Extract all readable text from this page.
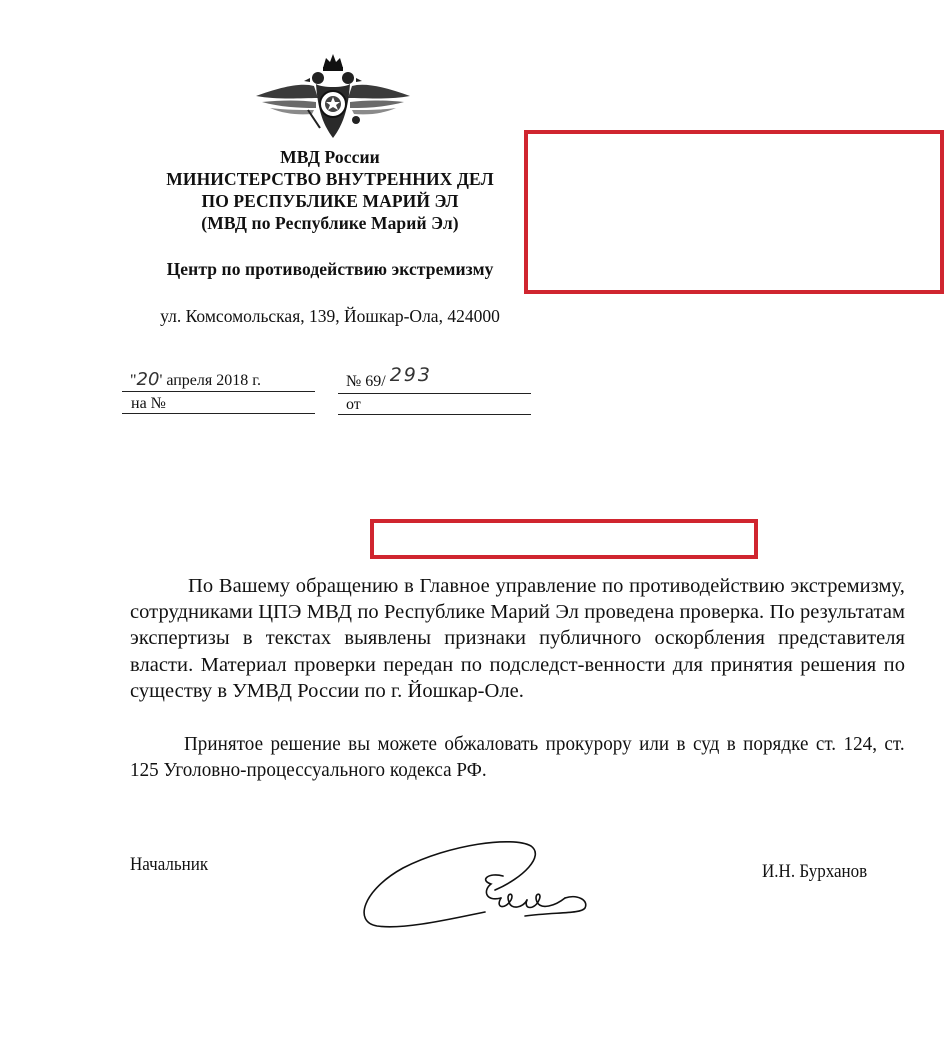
МВД России
МИНИСТЕРСТВО ВНУТРЕННИХ ДЕЛ
ПО РЕСПУБЛИКЕ МАРИЙ ЭЛ
(МВД по Республике Марий Эл)
Центр по противодействию экстремизму
ул. Комсомольская, 139, Йошкар-Ола, 424000
"20' апреля 2018 г.
на №
№ 69/ 293
от
По Вашему обращению в Главное управление по противодействию экстремизму, сотрудниками ЦПЭ МВД по Республике Марий Эл проведена проверка. По результатам экспертизы в текстах выявлены признаки публичного оскорбления представителя власти. Материал проверки передан по подследст-венности для принятия решения по существу в УМВД России по г. Йошкар-Оле.
Принятое решение вы можете обжаловать прокурору или в суд в порядке ст. 124, ст. 125 Уголовно-процессуального кодекса РФ.
Начальник	И.Н. Бурханов
